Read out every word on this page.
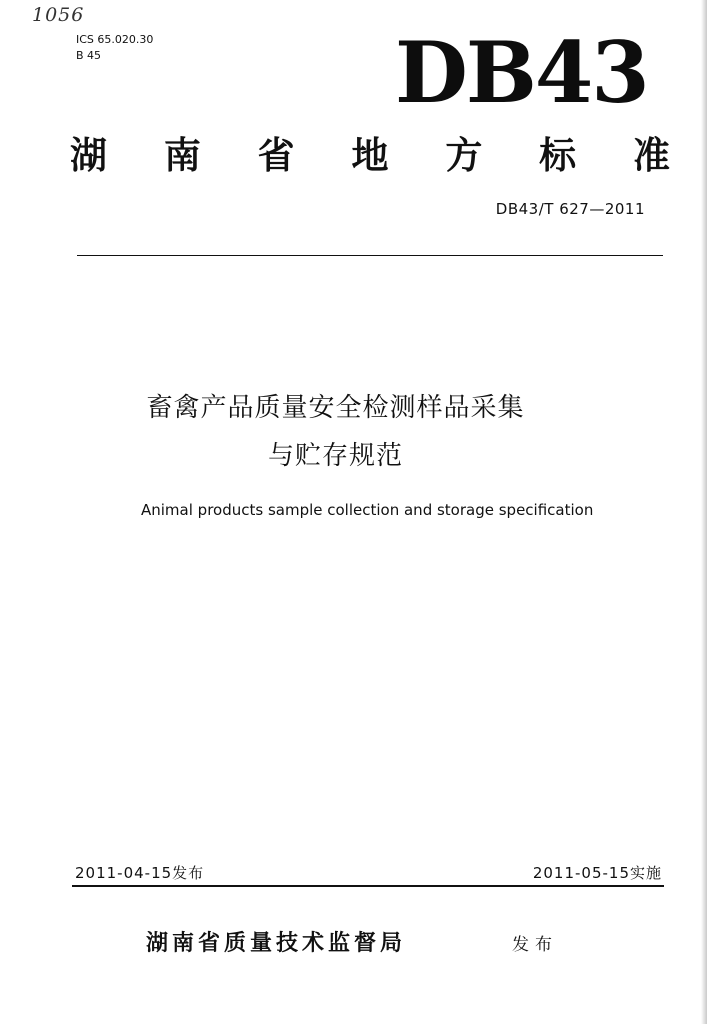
1056
ICS 65.020.30
B 45	DB43
湖 南 省 地 方 标 准
DB43/T 627—2011
畜禽产品质量安全检测样品采集
与贮存规范
Animal products sample collection and storage specification
2011-04-15发布	2011-05-15实施
湖南省质量技术监督局	发布
